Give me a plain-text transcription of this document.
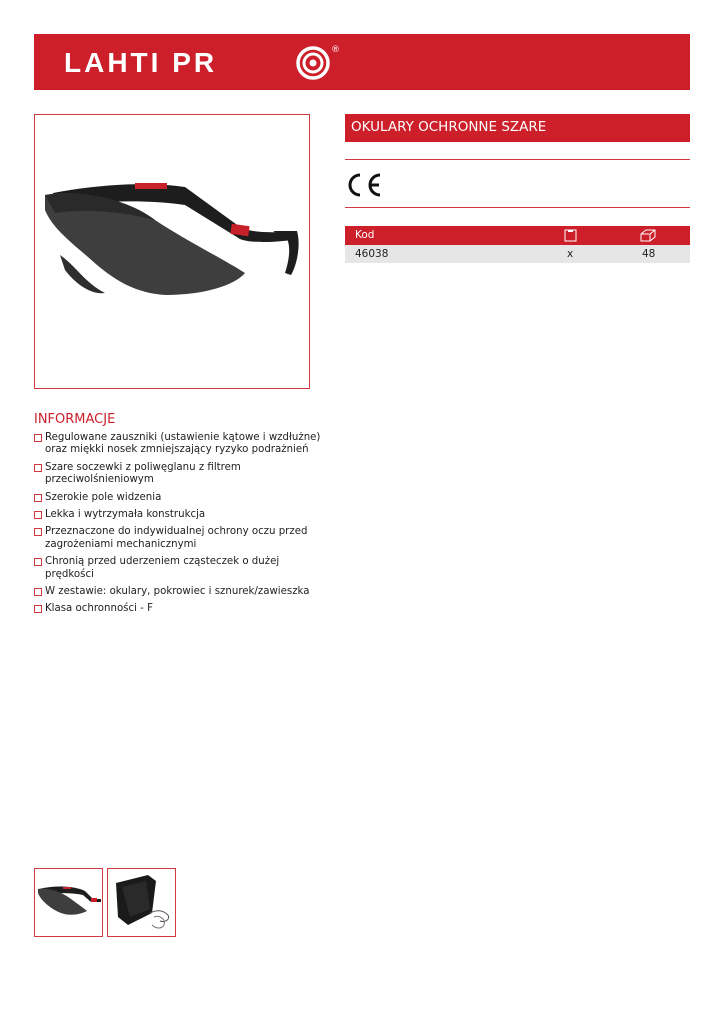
LAHTI PR	®
OKULARY OCHRONNE SZARE
Kod
46038	x	48
INFORMACJE
Regulowane zauszniki (ustawienie kątowe i wzdłużne) oraz miękki nosek zmniejszający ryzyko podrażnień
Szare soczewki z poliwęglanu z filtrem przeciwolśnieniowym
Szerokie pole widzenia
Lekka i wytrzymała konstrukcja
Przeznaczone do indywidualnej ochrony oczu przed zagrożeniami mechanicznymi
Chronią przed uderzeniem cząsteczek o dużej prędkości
W zestawie: okulary, pokrowiec i sznurek/zawieszka
Klasa ochronności - F
